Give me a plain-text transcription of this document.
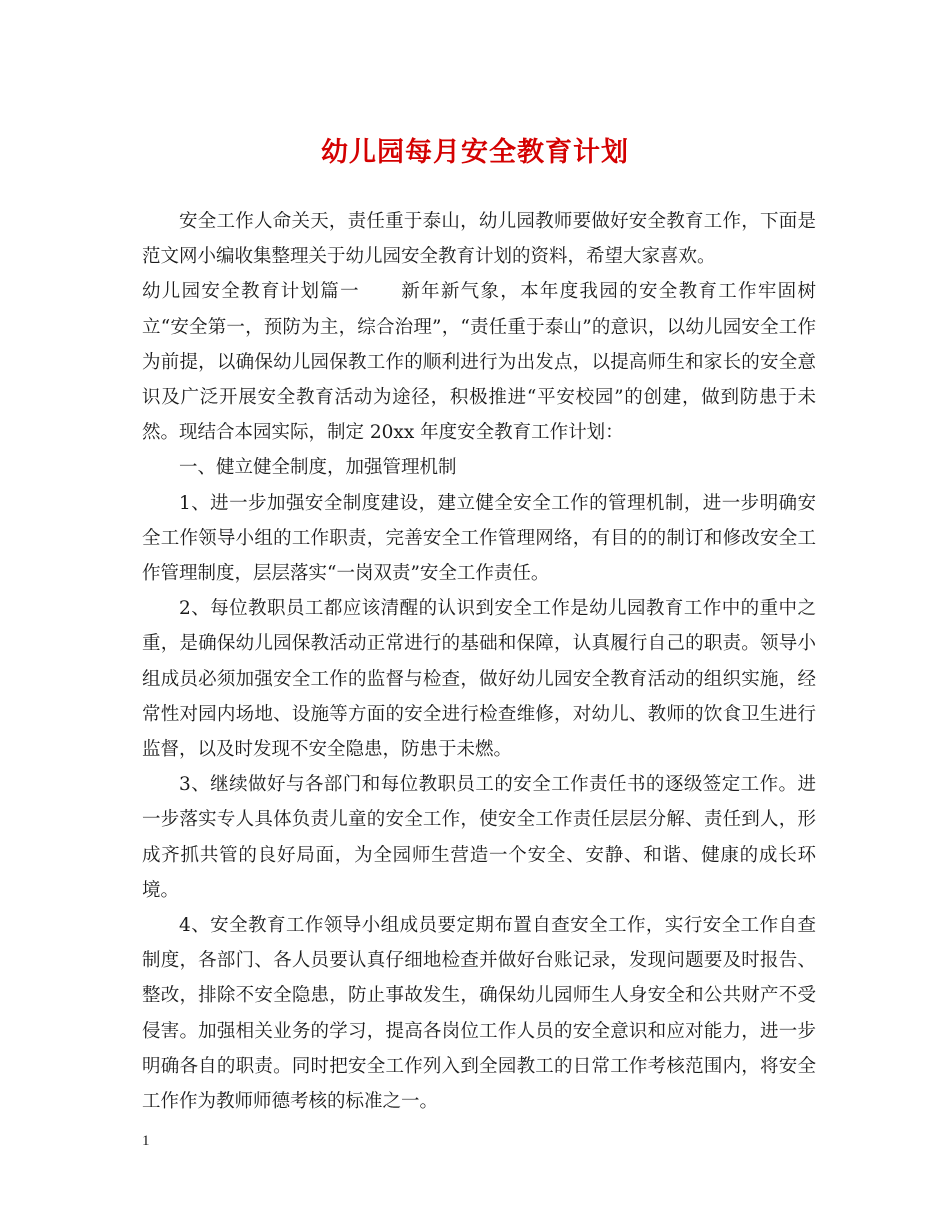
幼儿园每月安全教育计划

安全工作人命关天，责任重于泰山，幼儿园教师要做好安全教育工作，下面是范文网小编收集整理关于幼儿园安全教育计划的资料，希望大家喜欢。

幼儿园安全教育计划篇一 新年新气象，本年度我园的安全教育工作牢固树立“安全第一，预防为主，综合治理”，“责任重于泰山”的意识，以幼儿园安全工作为前提，以确保幼儿园保教工作的顺利进行为出发点，以提高师生和家长的安全意识及广泛开展安全教育活动为途径，积极推进“平安校园”的创建，做到防患于未然。现结合本园实际，制定 20xx 年度安全教育工作计划：

一、健立健全制度，加强管理机制

1、进一步加强安全制度建设，建立健全安全工作的管理机制，进一步明确安全工作领导小组的工作职责，完善安全工作管理网络，有目的的制订和修改安全工作管理制度，层层落实“一岗双责”安全工作责任。

2、每位教职员工都应该清醒的认识到安全工作是幼儿园教育工作中的重中之重，是确保幼儿园保教活动正常进行的基础和保障，认真履行自己的职责。领导小组成员必须加强安全工作的监督与检查，做好幼儿园安全教育活动的组织实施，经常性对园内场地、设施等方面的安全进行检查维修，对幼儿、教师的饮食卫生进行监督，以及时发现不安全隐患，防患于未燃。

3、继续做好与各部门和每位教职员工的安全工作责任书的逐级签定工作。进一步落实专人具体负责儿童的安全工作，使安全工作责任层层分解、责任到人，形成齐抓共管的良好局面，为全园师生营造一个安全、安静、和谐、健康的成长环境。

4、安全教育工作领导小组成员要定期布置自查安全工作，实行安全工作自查制度，各部门、各人员要认真仔细地检查并做好台账记录，发现问题要及时报告、整改，排除不安全隐患，防止事故发生，确保幼儿园师生人身安全和公共财产不受侵害。加强相关业务的学习，提高各岗位工作人员的安全意识和应对能力，进一步明确各自的职责。同时把安全工作列入到全园教工的日常工作考核范围内，将安全工作作为教师师德考核的标准之一。

1
